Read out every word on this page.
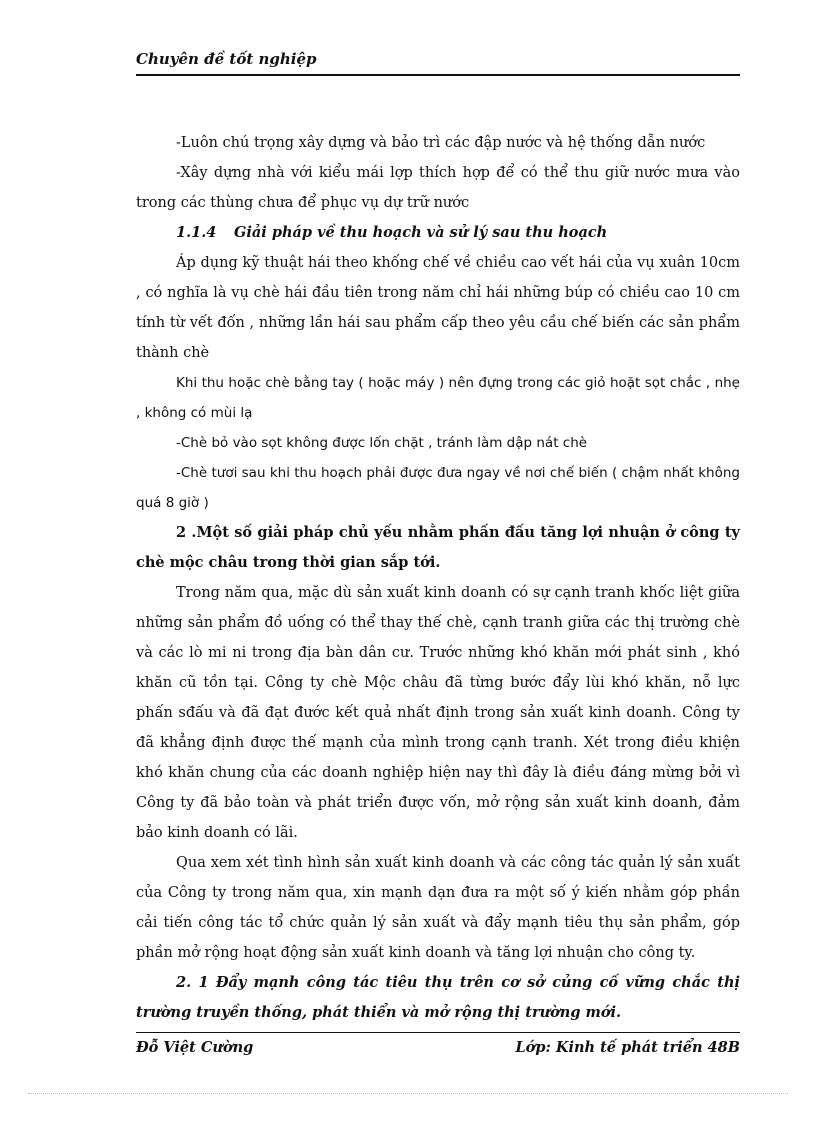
Chuyên đề tốt nghiệp

-Luôn chú trọng xây dựng và bảo trì các đập nước và hệ thống dẫn nước

-Xây dựng nhà với kiểu mái lợp thích hợp để có thể thu giữ nước mưa vào trong các thùng chưa để phục vụ dự trữ nước

1.1.4 Giải pháp về thu hoạch và sử lý sau thu hoạch

Áp dụng kỹ thuật hái theo khống chế về chiều cao vết hái của vụ xuân 10cm , có nghĩa là vụ chè hái đầu tiên trong năm chỉ hái những búp có chiều cao 10 cm tính từ vết đốn , những lần hái sau phẩm cấp theo yêu cầu chế biến các sản phẩm thành chè

Khi thu hoặc chè bằng tay ( hoặc máy ) nên đựng trong các giỏ hoặt sọt chắc , nhẹ , không có mùi lạ

-Chè bỏ vào sọt không được lốn chặt , tránh làm dập nát chè

-Chè tươi sau khi thu hoạch phải được đưa ngay về nơi chế biến ( chậm nhất không quá 8 giờ )

2 .Một số giải pháp chủ yếu nhằm phấn đấu tăng lợi nhuận ở công ty chè mộc châu trong thời gian sắp tới.

Trong năm qua, mặc dù sản xuất kinh doanh có sự cạnh tranh khốc liệt giữa những sản phẩm đồ uống có thể thay thế chè, cạnh tranh giữa các thị trường chè và các lò mi ni trong địa bàn dân cư. Trước những khó khăn mới phát sinh , khó khăn cũ tồn tại. Công ty chè Mộc châu đã từng bước đẩy lùi khó khăn, nỗ lực phấn sđấu và đã đạt đước kết quả nhất định trong sản xuất kinh doanh. Công ty đã khẳng định được thế mạnh của mình trong cạnh tranh. Xét trong điều khiện khó khăn chung của các doanh nghiệp hiện nay thì đây là điều đáng mừng bởi vì Công ty đã bảo toàn và phát triển được vốn, mở rộng sản xuất kinh doanh, đảm bảo kinh doanh có lãi.

Qua xem xét tình hình sản xuất kinh doanh và các công tác quản lý sản xuất của Công ty trong năm qua, xin mạnh dạn đưa ra một số ý kiến nhằm góp phần cải tiến công tác tổ chức quản lý sản xuất và đẩy mạnh tiêu thụ sản phẩm, góp phần mở rộng hoạt động sản xuất kinh doanh và tăng lợi nhuận cho công ty.

2. 1 Đẩy mạnh công tác tiêu thụ trên cơ sở củng cố vững chắc thị trường truyền thống, phát thiển và mở rộng thị trường mới.

Đỗ Việt Cường	Lớp: Kinh tế phát triển 48B
